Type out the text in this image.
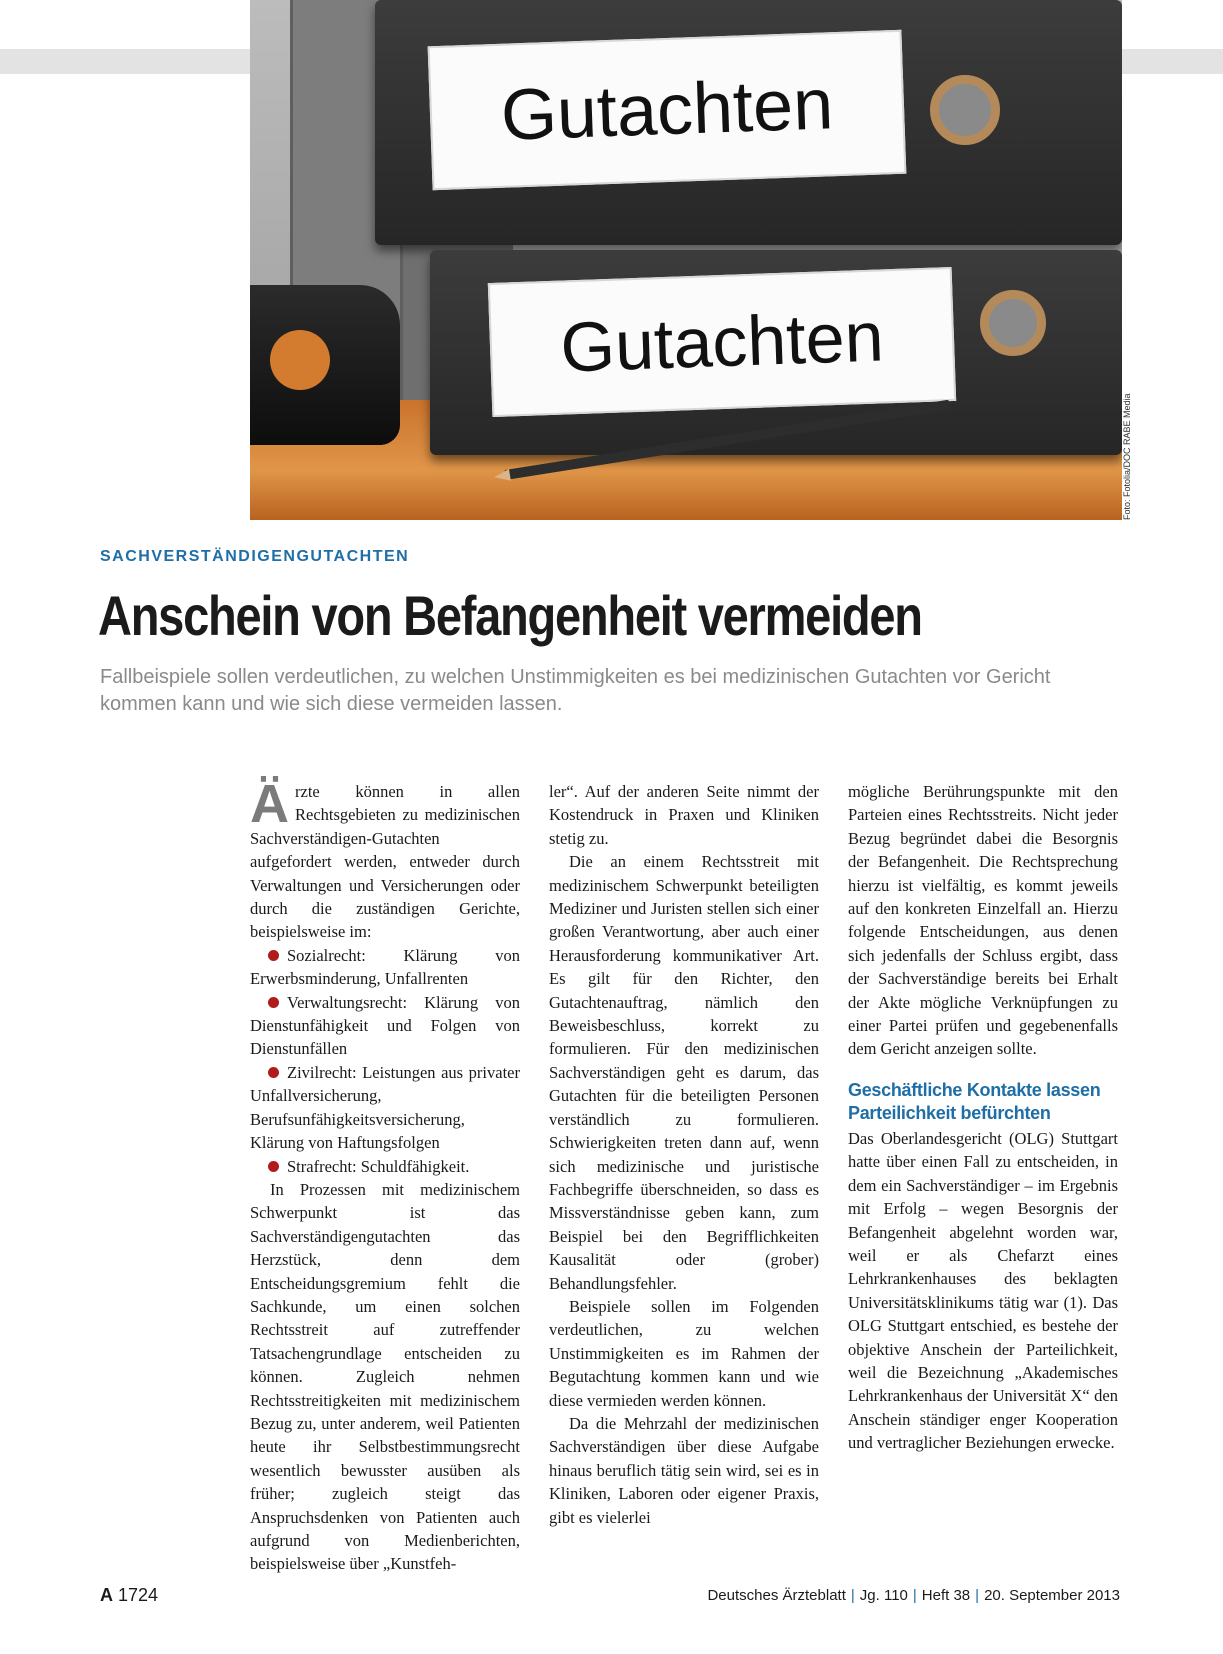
Gutachten
Gutachten
Foto: Fotolia/DOC RABE Media
SACHVERSTÄNDIGENGUTACHTEN
Anschein von Befangenheit vermeiden
Fallbeispiele sollen verdeutlichen, zu welchen Unstimmigkeiten es bei medizinischen Gutachten vor Gericht kommen kann und wie sich diese vermeiden lassen.

Ärzte können in allen Rechtsgebieten zu medizinischen Sachverständigen-Gutachten aufgefordert werden, entweder durch Verwaltungen und Versicherungen oder durch die zuständigen Gerichte, beispielsweise im:

Sozialrecht: Klärung von Erwerbsminderung, Unfallrenten

Verwaltungsrecht: Klärung von Dienstunfähigkeit und Folgen von Dienstunfällen

Zivilrecht: Leistungen aus privater Unfallversicherung, Berufsunfähigkeitsversicherung, Klärung von Haftungsfolgen

Strafrecht: Schuldfähigkeit.

In Prozessen mit medizinischem Schwerpunkt ist das Sachverständigengutachten das Herzstück, denn dem Entscheidungsgremium fehlt die Sachkunde, um einen solchen Rechtsstreit auf zutreffender Tatsachengrundlage entscheiden zu können. Zugleich nehmen Rechtsstreitigkeiten mit medizinischem Bezug zu, unter anderem, weil Patienten heute ihr Selbstbestimmungsrecht wesentlich bewusster ausüben als früher; zugleich steigt das Anspruchsdenken von Patienten auch aufgrund von Medienberichten, beispielsweise über „Kunstfeh-

ler“. Auf der anderen Seite nimmt der Kostendruck in Praxen und Kliniken stetig zu.

Die an einem Rechtsstreit mit medizinischem Schwerpunkt beteiligten Mediziner und Juristen stellen sich einer großen Verantwortung, aber auch einer Herausforderung kommunikativer Art. Es gilt für den Richter, den Gutachtenauftrag, nämlich den Beweisbeschluss, korrekt zu formulieren. Für den medizinischen Sachverständigen geht es darum, das Gutachten für die beteiligten Personen verständlich zu formulieren. Schwierigkeiten treten dann auf, wenn sich medizinische und juristische Fachbegriffe überschneiden, so dass es Missverständnisse geben kann, zum Beispiel bei den Begrifflichkeiten Kausalität oder (grober) Behandlungsfehler.

Beispiele sollen im Folgenden verdeutlichen, zu welchen Unstimmigkeiten es im Rahmen der Begutachtung kommen kann und wie diese vermieden werden können.

Da die Mehrzahl der medizinischen Sachverständigen über diese Aufgabe hinaus beruflich tätig sein wird, sei es in Kliniken, Laboren oder eigener Praxis, gibt es vielerlei

mögliche Berührungspunkte mit den Parteien eines Rechtsstreits. Nicht jeder Bezug begründet dabei die Besorgnis der Befangenheit. Die Rechtsprechung hierzu ist vielfältig, es kommt jeweils auf den konkreten Einzelfall an. Hierzu folgende Entscheidungen, aus denen sich jedenfalls der Schluss ergibt, dass der Sachverständige bereits bei Erhalt der Akte mögliche Verknüpfungen zu einer Partei prüfen und gegebenenfalls dem Gericht anzeigen sollte.

Geschäftliche Kontakte lassen Parteilichkeit befürchten

Das Oberlandesgericht (OLG) Stuttgart hatte über einen Fall zu entscheiden, in dem ein Sachverständiger – im Ergebnis mit Erfolg – wegen Besorgnis der Befangenheit abgelehnt worden war, weil er als Chefarzt eines Lehrkrankenhauses des beklagten Universitätsklinikums tätig war (1). Das OLG Stuttgart entschied, es bestehe der objektive Anschein der Parteilichkeit, weil die Bezeichnung „Akademisches Lehrkrankenhaus der Universität X“ den Anschein ständiger enger Kooperation und vertraglicher Beziehungen erwecke.

A 1724	Deutsches Ärzteblatt | Jg. 110 | Heft 38 | 20. September 2013
